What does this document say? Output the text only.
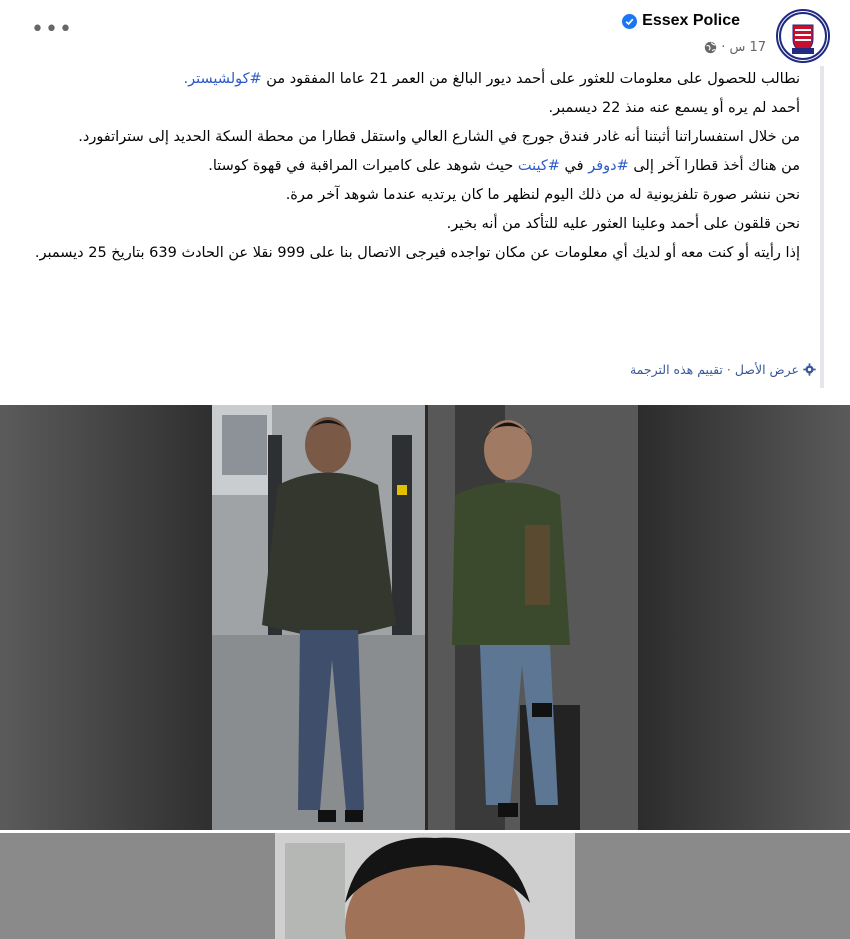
•••	Essex Police
17 س
·

نطالب للحصول على معلومات للعثور على أحمد ديور البالغ من العمر 21 عاما المفقود من #كولشيستر.

أحمد لم يره أو يسمع عنه منذ 22 ديسمبر.

من خلال استفساراتنا أثبتنا أنه غادر فندق جورج في الشارع العالي واستقل قطارا من محطة السكة الحديد إلى ستراتفورد.

من هناك أخذ قطارا آخر إلى #دوفر في #كينت حيث شوهد على كاميرات المراقبة في قهوة كوستا.

نحن ننشر صورة تلفزيونية له من ذلك اليوم لنظهر ما كان يرتديه عندما شوهد آخر مرة.

نحن قلقون على أحمد وعلينا العثور عليه للتأكد من أنه بخير.

إذا رأيته أو كنت معه أو لديك أي معلومات عن مكان تواجده فيرجى الاتصال بنا على 999 نقلا عن الحادث 639 بتاريخ 25 ديسمبر.

عرض الأصل
·
تقييم هذه الترجمة
